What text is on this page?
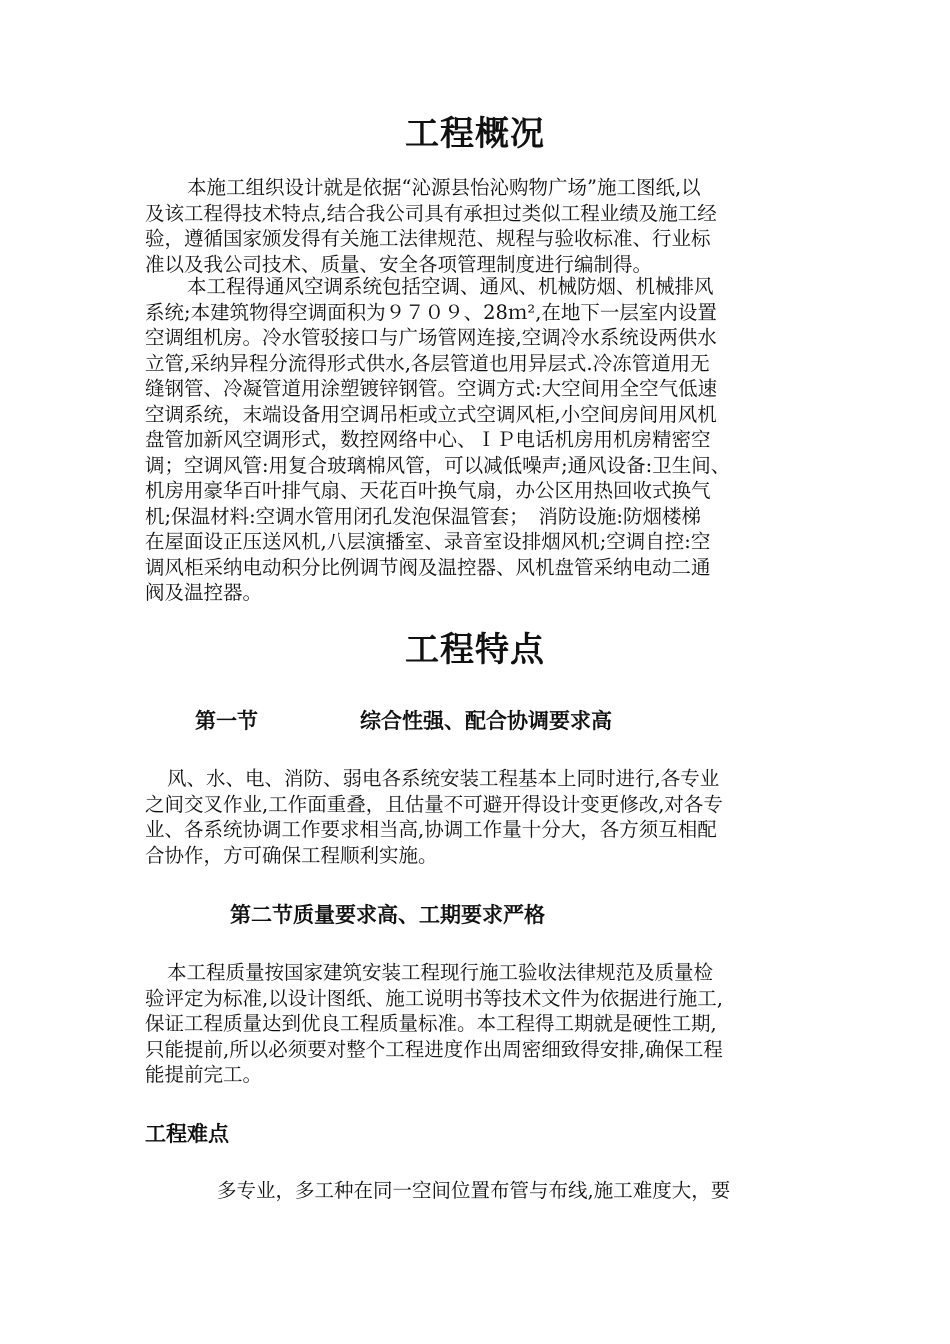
工程概况
本施工组织设计就是依据“沁源县怡沁购物广场”施工图纸,以
及该工程得技术特点,结合我公司具有承担过类似工程业绩及施工经
验，遵循国家颁发得有关施工法律规范、规程与验收标准、行业标
准以及我公司技术、质量、安全各项管理制度进行编制得。
本工程得通风空调系统包括空调、通风、机械防烟、机械排风
系统;本建筑物得空调面积为９７０９、28ｍ²,在地下一层室内设置
空调组机房。冷水管驳接口与广场管网连接,空调冷水系统设两供水
立管,采纳异程分流得形式供水,各层管道也用异层式.冷冻管道用无
缝钢管、冷凝管道用涂塑镀锌钢管。空调方式:大空间用全空气低速
空调系统，末端设备用空调吊柜或立式空调风柜,小空间房间用风机
盘管加新风空调形式，数控网络中心、ＩＰ电话机房用机房精密空
调；空调风管:用复合玻璃棉风管，可以减低噪声;通风设备:卫生间、
机房用豪华百叶排气扇、天花百叶换气扇，办公区用热回收式换气
机;保温材料:空调水管用闭孔发泡保温管套；　消防设施:防烟楼梯
在屋面设正压送风机,八层演播室、录音室设排烟风机;空调自控:空
调风柜采纳电动积分比例调节阀及温控器、风机盘管采纳电动二通
阀及温控器。
工程特点
第一节	综合性强、配合协调要求高
风、水、电、消防、弱电各系统安装工程基本上同时进行,各专业
之间交叉作业,工作面重叠，且估量不可避开得设计变更修改,对各专
业、各系统协调工作要求相当高,协调工作量十分大，各方须互相配
合协作，方可确保工程顺利实施。
第二节质量要求高、工期要求严格
本工程质量按国家建筑安装工程现行施工验收法律规范及质量检
验评定为标准,以设计图纸、施工说明书等技术文件为依据进行施工,
保证工程质量达到优良工程质量标准。本工程得工期就是硬性工期,
只能提前,所以必须要对整个工程进度作出周密细致得安排,确保工程
能提前完工。
工程难点
多专业，多工种在同一空间位置布管与布线,施工难度大，要
